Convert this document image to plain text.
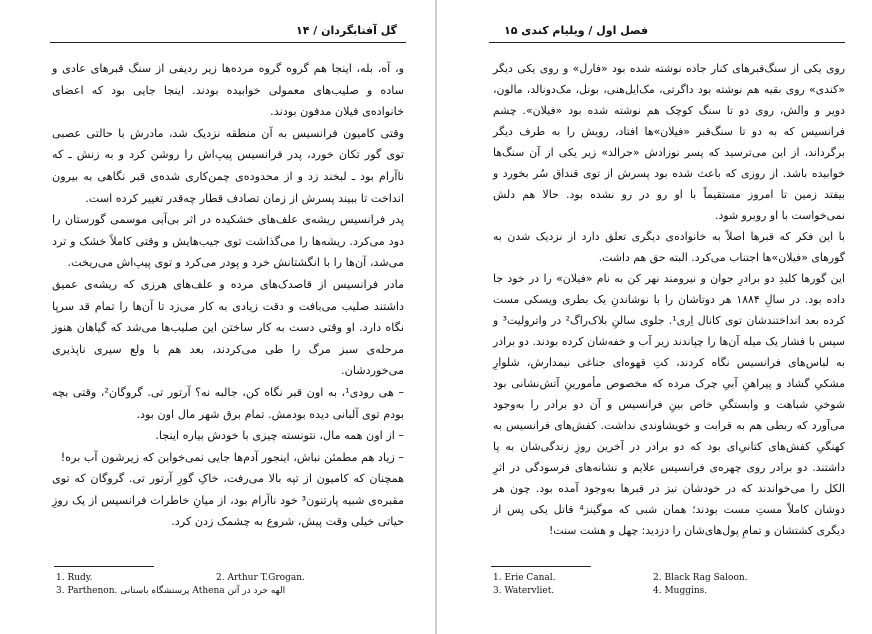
۱۴ / گل آفتابگردان

و، آه، بله، اینجا هم گروه گروه مرده‌ها زیر ردیفی از سنگ قبرهای عادی و ساده و صلیب‌های معمولی خوابیده بودند. اینجا جایی بود که اعضای خانواده‌ی فیلان مدفون بودند.

وقتی کامیون فرانسیس به آن منطقه نزدیک شد، مادرش با حالتی عصبی توی گور تکان خورد، پدر فرانسیس پیپ‌اش را روشن کرد و به زنش ـ که ناآرام بود ـ لبخند زد و از محدوده‌ی چمن‌کاری شده‌ی قبر نگاهی به بیرون انداخت تا ببیند پسرش از زمان تصادف قطار چه‌قدر تغییر کرده است.

پدر فرانسیس ریشه‌ی علف‌های خشکیده در اثر بی‌آبی موسمی گورستان را دود می‌کرد. ریشه‌ها را می‌گذاشت توی جیب‌هایش و وقتی کاملاً خشک و ترد می‌شد، آن‌ها را با انگشتانش خرد و پودر می‌کرد و توی پیپ‌اش می‌ریخت.

مادر فرانسیس از قاصدک‌های مرده و علف‌های هرزی که ریشه‌ی عمیق داشتند صلیب می‌بافت و دقت زیادی به کار می‌زد تا آن‌ها را تمام قد سرپا نگاه دارد. او وقتی دست به کار ساختن این صلیب‌ها می‌شد که گیاهان هنوز مرحله‌ی سبز مرگ را طی می‌کردند، بعد هم با ولع سیری ناپذیری می‌خوردشان.

– هی رودی¹، به اون قبر نگاه کن، جالبه نه؟ آرتور تی. گروگان²، وقتی بچه بودم توی آلبانی دیده بودمش. تمام برق شهر مال اون بود.

– از اون همه مال، نتونسته چیزی با خودش بیاره اینجا.

– زیاد هم مطمئن نباش، اینجور آدم‌ها جایی نمی‌خوابن که زیرشون آب بره!

همچنان که کامیون از تپه بالا می‌رفت، خاکِ گورِ آرتور تی. گروگان که توی مقبره‌ی شبیه پارتنون³ خود ناآرام بود، از میانِ خاطرات فرانسیس از یک روزِ حیاتی خیلی وقت پیش، شروع به چشمک زدن کرد.

1. Rudy.	2. Arthur T.Grogan.
3. Parthenon. پرستشگاه باستانی Athena الهه خرد در آتن
فصل اول / ویلیام کندی ۱۵

روی یکی از سنگ‌قبرهای کنار جاده نوشته شده بود «فارل» و روی یکی دیگر «کندی» روی بقیه هم نوشته بود داگرتی، مک‌ایل‌هنی، بونل، مک‌دونالد، مالون، دویر و والش، روی دو تا سنگ کوچک هم نوشته شده بود «فیلان». چشم فرانسیس که به دو تا سنگ‌قبر «فیلان»ها افتاد، رویش را به طرف دیگر برگرداند، از این می‌ترسید که پسر نوزادش «جرالد» زیر یکی از آن سنگ‌ها خوابیده باشد. از روزی که باعث شده بود پسرش از توی قنداق سُر بخورد و بیفتد زمین تا امروز مستقیماً با او رو در رو نشده بود. حالا هم دلش نمی‌خواست با او روبرو شود.

با این فکر که قبرها اصلاً به خانواده‌ی دیگری تعلق دارد از نزدیک شدن به گورهای «فیلان»ها اجتناب می‌کرد. البته حق هم داشت.

این گورها کلیدِ دو برادرِ جوان و نیرومند نهر کن به نام «فیلان» را در خود جا داده بود. در سالِ ۱۸۸۴ هر دوتاشان را با نوشاندنِ یک بطری ویسکی مست کرده بعد انداختندشان توی کانال اِری¹. جلوی سالنِ بلاک‌راگ² در واترولیت³ و سپس با فشار یک میله آن‌ها را چپاندند زیر آب و خفه‌شان کرده بودند. دو برادر به لباس‌های فرانسیس نگاه کردند، کتِ قهوه‌ای جناغی نیمدارش، شلوارِ مشکیِ گشاد و پیراهنِ آبیِ چرک مرده که مخصوص مأمورینِ آتش‌نشانی بود شوخیِ شباهت و وابستگیِ خاص بینِ فرانسیس و آن دو برادر را به‌وجود می‌آورد که ربطی هم به قرابت و خویشاوندی نداشت. کفش‌های فرانسیس به کهنگیِ کفش‌های کتانیِ‌ای بود که دو برادر در آخرین روزِ زندگی‌شان به پا داشتند. دو برادر روی چهره‌ی فرانسیس علایم و نشانه‌های فرسودگی در اثرِ الکل را می‌خواندند که در خودشان نیز در قبرها به‌وجود آمده بود. چون هر دوشان کاملاً مست‌ِ مست بودند؛ همان شبی که موگینز⁴ قاتل یکی پس از دیگری کشتشان و تمامِ پول‌های‌شان را دزدید: چهل و هشت سنت!

1. Erie Canal.	2. Black Rag Saloon.
3. Watervliet.	4. Muggins.
